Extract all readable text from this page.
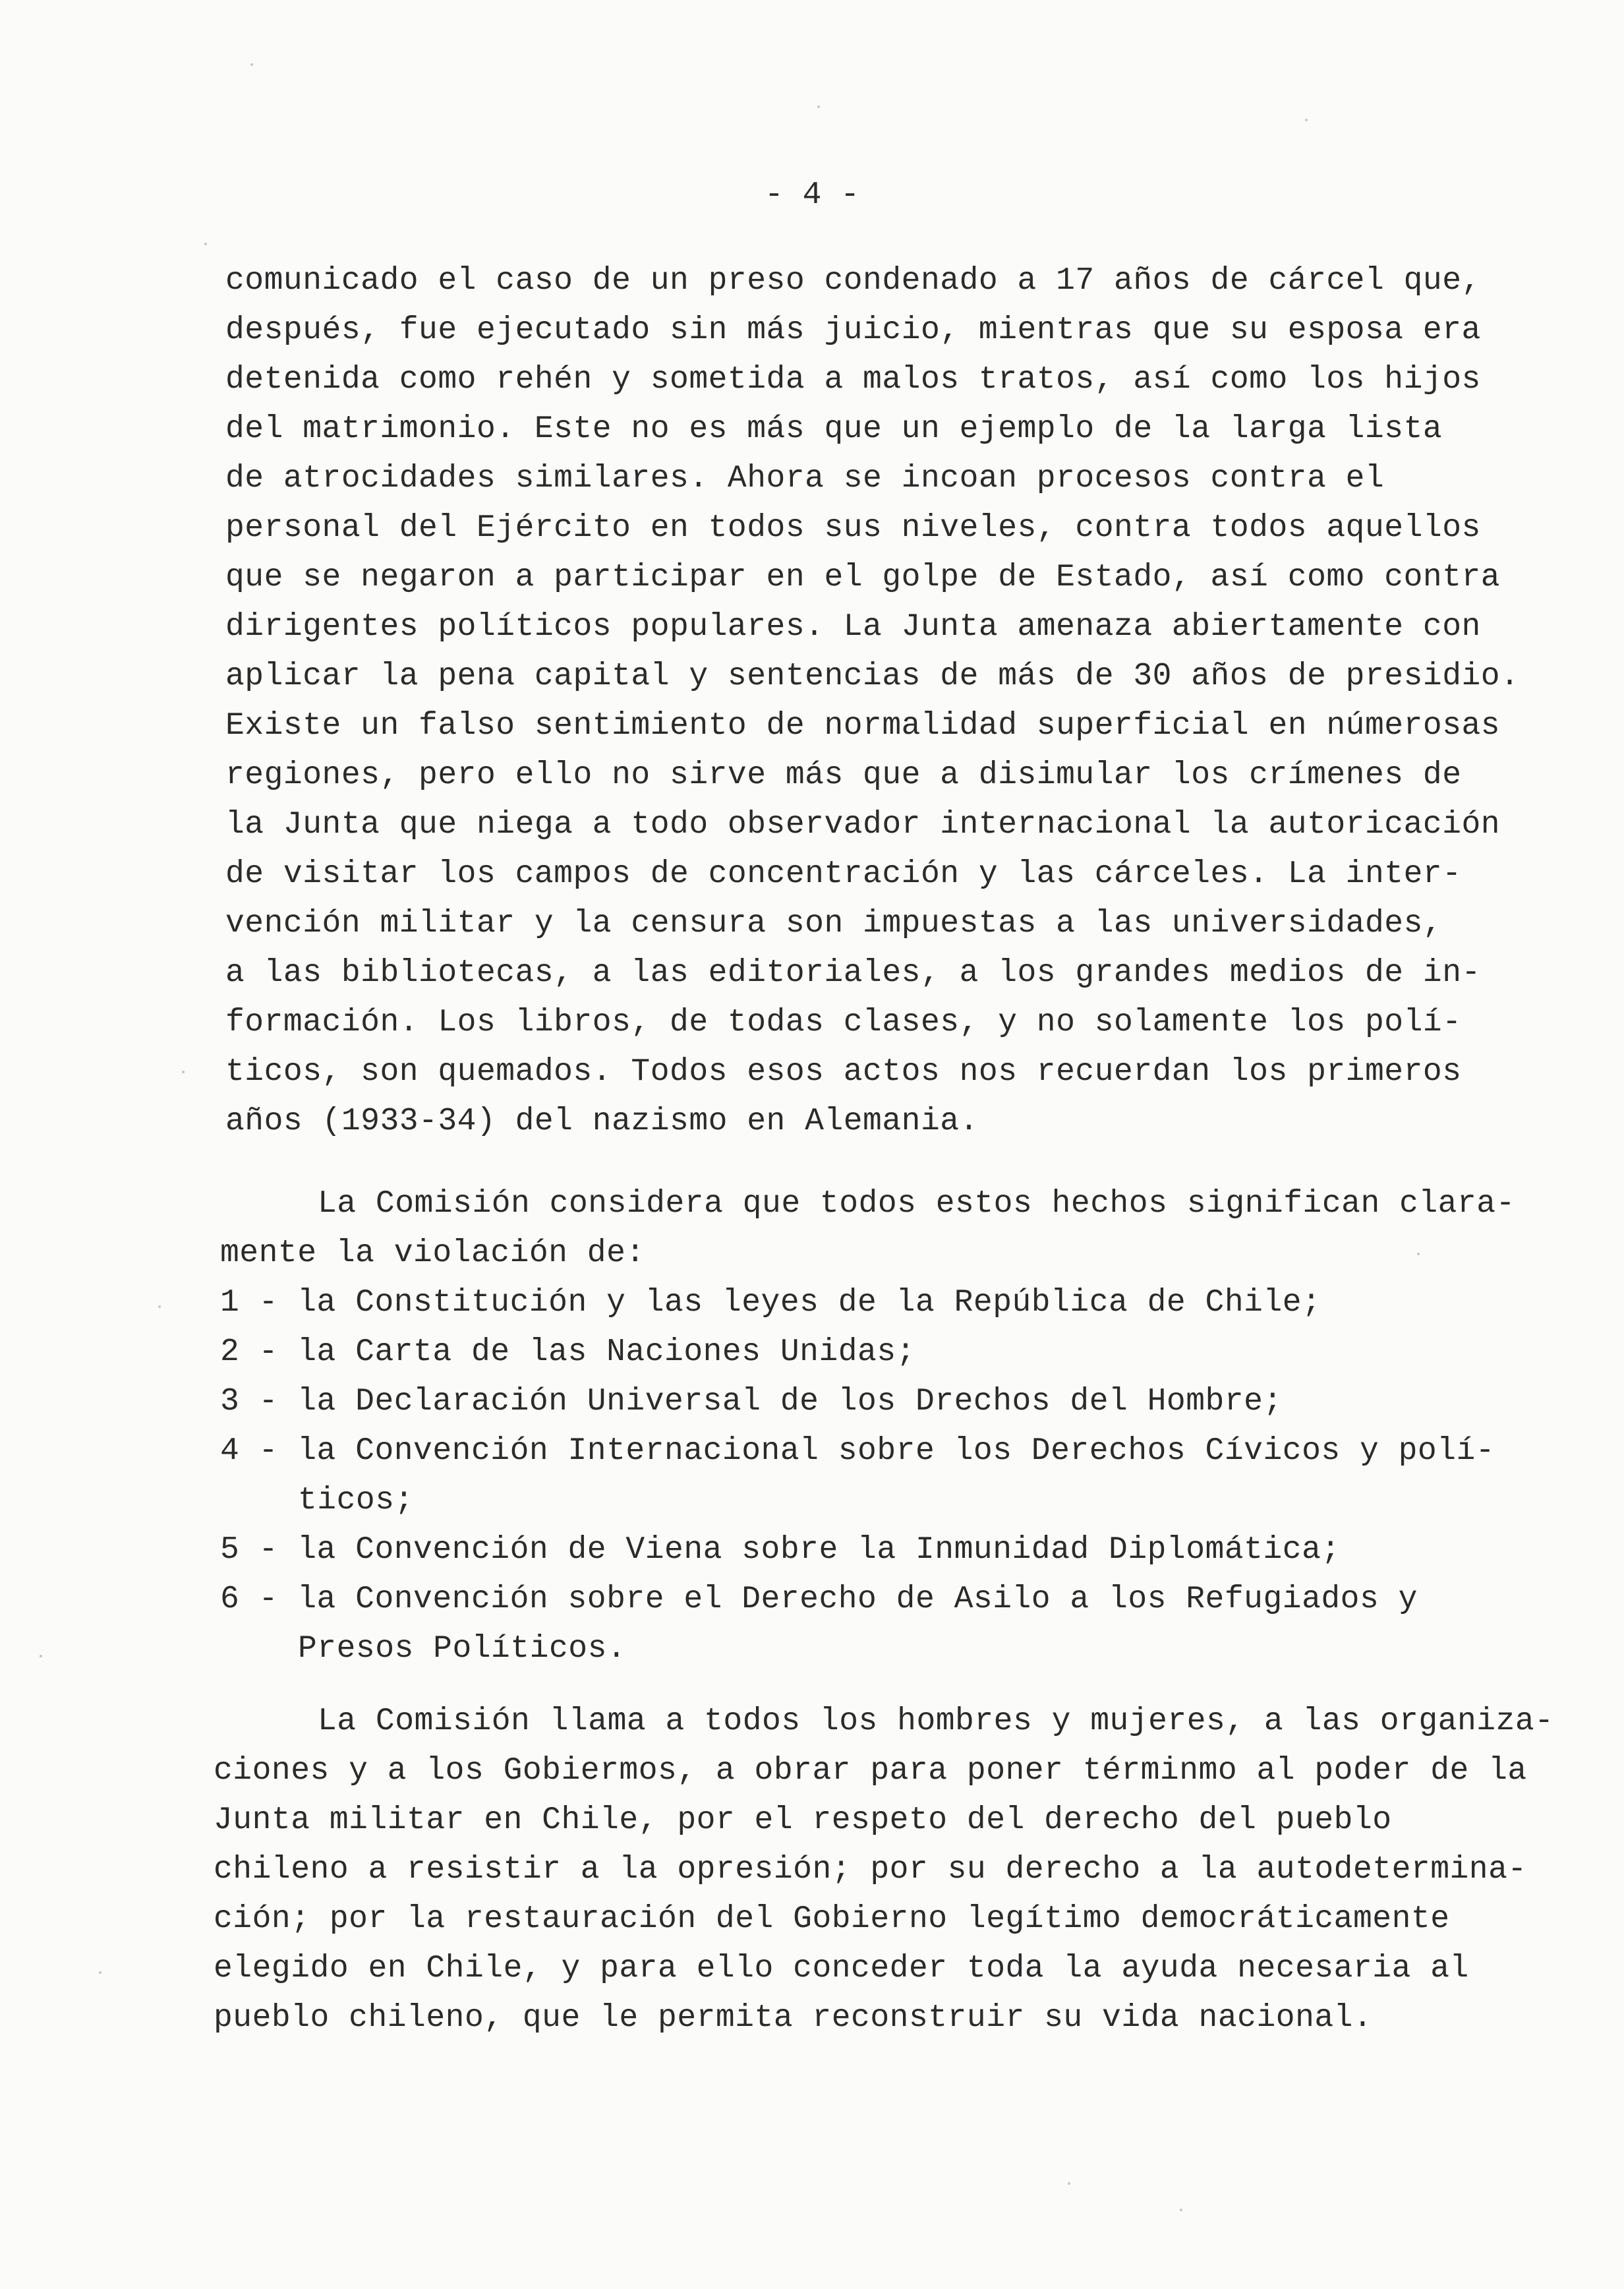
- 4 -
comunicado el caso de un preso condenado a 17 años de cárcel que,
después, fue ejecutado sin más juicio, mientras que su esposa era
detenida como rehén y sometida a malos tratos, así como los hijos
del matrimonio. Este no es más que un ejemplo de la larga lista
de atrocidades similares. Ahora se incoan procesos contra el
personal del Ejército en todos sus niveles, contra todos aquellos
que se negaron a participar en el golpe de Estado, así como contra
dirigentes políticos populares. La Junta amenaza abiertamente con
aplicar la pena capital y sentencias de más de 30 años de presidio.
Existe un falso sentimiento de normalidad superficial en númerosas
regiones, pero ello no sirve más que a disimular los crímenes de
la Junta que niega a todo observador internacional la autoricación
de visitar los campos de concentración y las cárceles. La inter-
vención militar y la censura son impuestas a las universidades,
a las bibliotecas, a las editoriales, a los grandes medios de in-
formación. Los libros, de todas clases, y no solamente los polí-
ticos, son quemados. Todos esos actos nos recuerdan los primeros
años (1933-34) del nazismo en Alemania.
La Comisión considera que todos estos hechos significan clara-
mente la violación de:
1 - la Constitución y las leyes de la República de Chile;
2 - la Carta de las Naciones Unidas;
3 - la Declaración Universal de los Drechos del Hombre;
4 - la Convención Internacional sobre los Derechos Cívicos y polí-
ticos;
5 - la Convención de Viena sobre la Inmunidad Diplomática;
6 - la Convención sobre el Derecho de Asilo a los Refugiados y
Presos Políticos.
La Comisión llama a todos los hombres y mujeres, a las organiza-
ciones y a los Gobiermos, a obrar para poner términmo al poder de la
Junta militar en Chile, por el respeto del derecho del pueblo
chileno a resistir a la opresión; por su derecho a la autodetermina-
ción; por la restauración del Gobierno legítimo democráticamente
elegido en Chile, y para ello conceder toda la ayuda necesaria al
pueblo chileno, que le permita reconstruir su vida nacional.
